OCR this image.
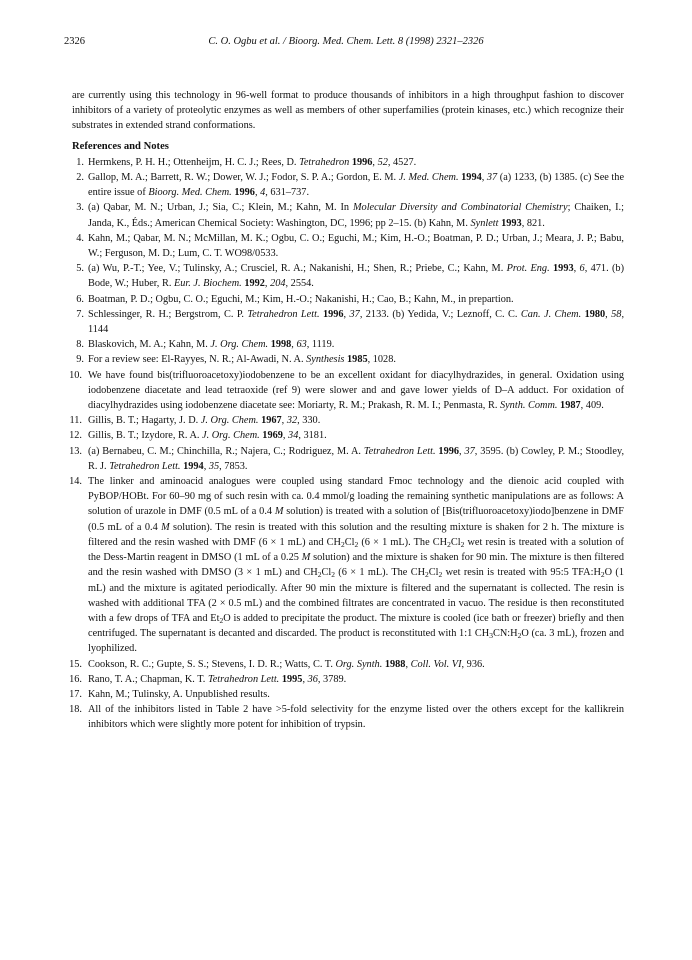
2326	C. O. Ogbu et al. / Bioorg. Med. Chem. Lett. 8 (1998) 2321–2326

are currently using this technology in 96-well format to produce thousands of inhibitors in a high throughput fashion to discover inhibitors of a variety of proteolytic enzymes as well as members of other superfamilies (protein kinases, etc.) which recognize their substrates in extended strand conformations.

References and Notes
1. Hermkens, P. H. H.; Ottenheijm, H. C. J.; Rees, D. Tetrahedron 1996, 52, 4527.
2. Gallop, M. A.; Barrett, R. W.; Dower, W. J.; Fodor, S. P. A.; Gordon, E. M. J. Med. Chem. 1994, 37 (a) 1233, (b) 1385. (c) See the entire issue of Bioorg. Med. Chem. 1996, 4, 631–737.
3. (a) Qabar, M. N.; Urban, J.; Sia, C.; Klein, M.; Kahn, M. In Molecular Diversity and Combinatorial Chemistry; Chaiken, I.; Janda, K., Éds.; American Chemical Society: Washington, DC, 1996; pp 2–15. (b) Kahn, M. Synlett 1993, 821.
4. Kahn, M.; Qabar, M. N.; McMillan, M. K.; Ogbu, C. O.; Eguchi, M.; Kim, H.-O.; Boatman, P. D.; Urban, J.; Meara, J. P.; Babu, W.; Ferguson, M. D.; Lum, C. T. WO98/0533.
5. (a) Wu, P.-T.; Yee, V.; Tulinsky, A.; Crusciel, R. A.; Nakanishi, H.; Shen, R.; Priebe, C.; Kahn, M. Prot. Eng. 1993, 6, 471. (b) Bode, W.; Huber, R. Eur. J. Biochem. 1992, 204, 2554.
6. Boatman, P. D.; Ogbu, C. O.; Eguchi, M.; Kim, H.-O.; Nakanishi, H.; Cao, B.; Kahn, M., in prepartion.
7. Schlessinger, R. H.; Bergstrom, C. P. Tetrahedron Lett. 1996, 37, 2133. (b) Yedida, V.; Leznoff, C. C. Can. J. Chem. 1980, 58, 1144
8. Blaskovich, M. A.; Kahn, M. J. Org. Chem. 1998, 63, 1119.
9. For a review see: El-Rayyes, N. R.; Al-Awadi, N. A. Synthesis 1985, 1028.
10. We have found bis(trifluoroacetoxy)iodobenzene to be an excellent oxidant for diacylhydrazides, in general. Oxidation using iodobenzene diacetate and lead tetraoxide (ref 9) were slower and and gave lower yields of D–A adduct. For oxidation of diacylhydrazides using iodobenzene diacetate see: Moriarty, R. M.; Prakash, R. M. I.; Penmasta, R. Synth. Comm. 1987, 409.
11. Gillis, B. T.; Hagarty, J. D. J. Org. Chem. 1967, 32, 330.
12. Gillis, B. T.; Izydore, R. A. J. Org. Chem. 1969, 34, 3181.
13. (a) Bernabeu, C. M.; Chinchilla, R.; Najera, C.; Rodriguez, M. A. Tetrahedron Lett. 1996, 37, 3595. (b) Cowley, P. M.; Stoodley, R. J. Tetrahedron Lett. 1994, 35, 7853.
14. The linker and aminoacid analogues were coupled using standard Fmoc technology and the dienoic acid coupled with PyBOP/HOBt. For 60–90 mg of such resin with ca. 0.4 mmol/g loading the remaining synthetic manipulations are as follows: A solution of urazole in DMF (0.5 mL of a 0.4 M solution) is treated with a solution of [Bis(trifluoroacetoxy)iodo]benzene in DMF (0.5 mL of a 0.4 M solution). The resin is treated with this solution and the resulting mixture is shaken for 2 h. The mixture is filtered and the resin washed with DMF (6 × 1 mL) and $CH_2Cl_2$ (6 × 1 mL). The $CH_2Cl_2$ wet resin is treated with a solution of the Dess-Martin reagent in DMSO (1 mL of a 0.25 M solution) and the mixture is shaken for 90 min. The mixture is then filtered and the resin washed with DMSO (3 × 1 mL) and $CH_2Cl_2$ (6 × 1 mL). The $CH_2Cl_2$ wet resin is treated with 95:5 $TFA:H_2O$ (1 mL) and the mixture is agitated periodically. After 90 min the mixture is filtered and the supernatant is collected. The resin is washed with additional TFA (2 × 0.5 mL) and the combined filtrates are concentrated in vacuo. The residue is then reconstituted with a few drops of TFA and $Et_2O$ is added to precipitate the product. The mixture is cooled (ice bath or freezer) briefly and then centrifuged. The supernatant is decanted and discarded. The product is reconstituted with 1:1 $CH_3CN:H_2O$ (ca. 3 mL), frozen and lyophilized.
15. Cookson, R. C.; Gupte, S. S.; Stevens, I. D. R.; Watts, C. T. Org. Synth. 1988, Coll. Vol. VI, 936.
16. Rano, T. A.; Chapman, K. T. Tetrahedron Lett. 1995, 36, 3789.
17. Kahn, M.; Tulinsky, A. Unpublished results.
18. All of the inhibitors listed in Table 2 have >5-fold selectivity for the enzyme listed over the others except for the kallikrein inhibitors which were slightly more potent for inhibition of trypsin.
